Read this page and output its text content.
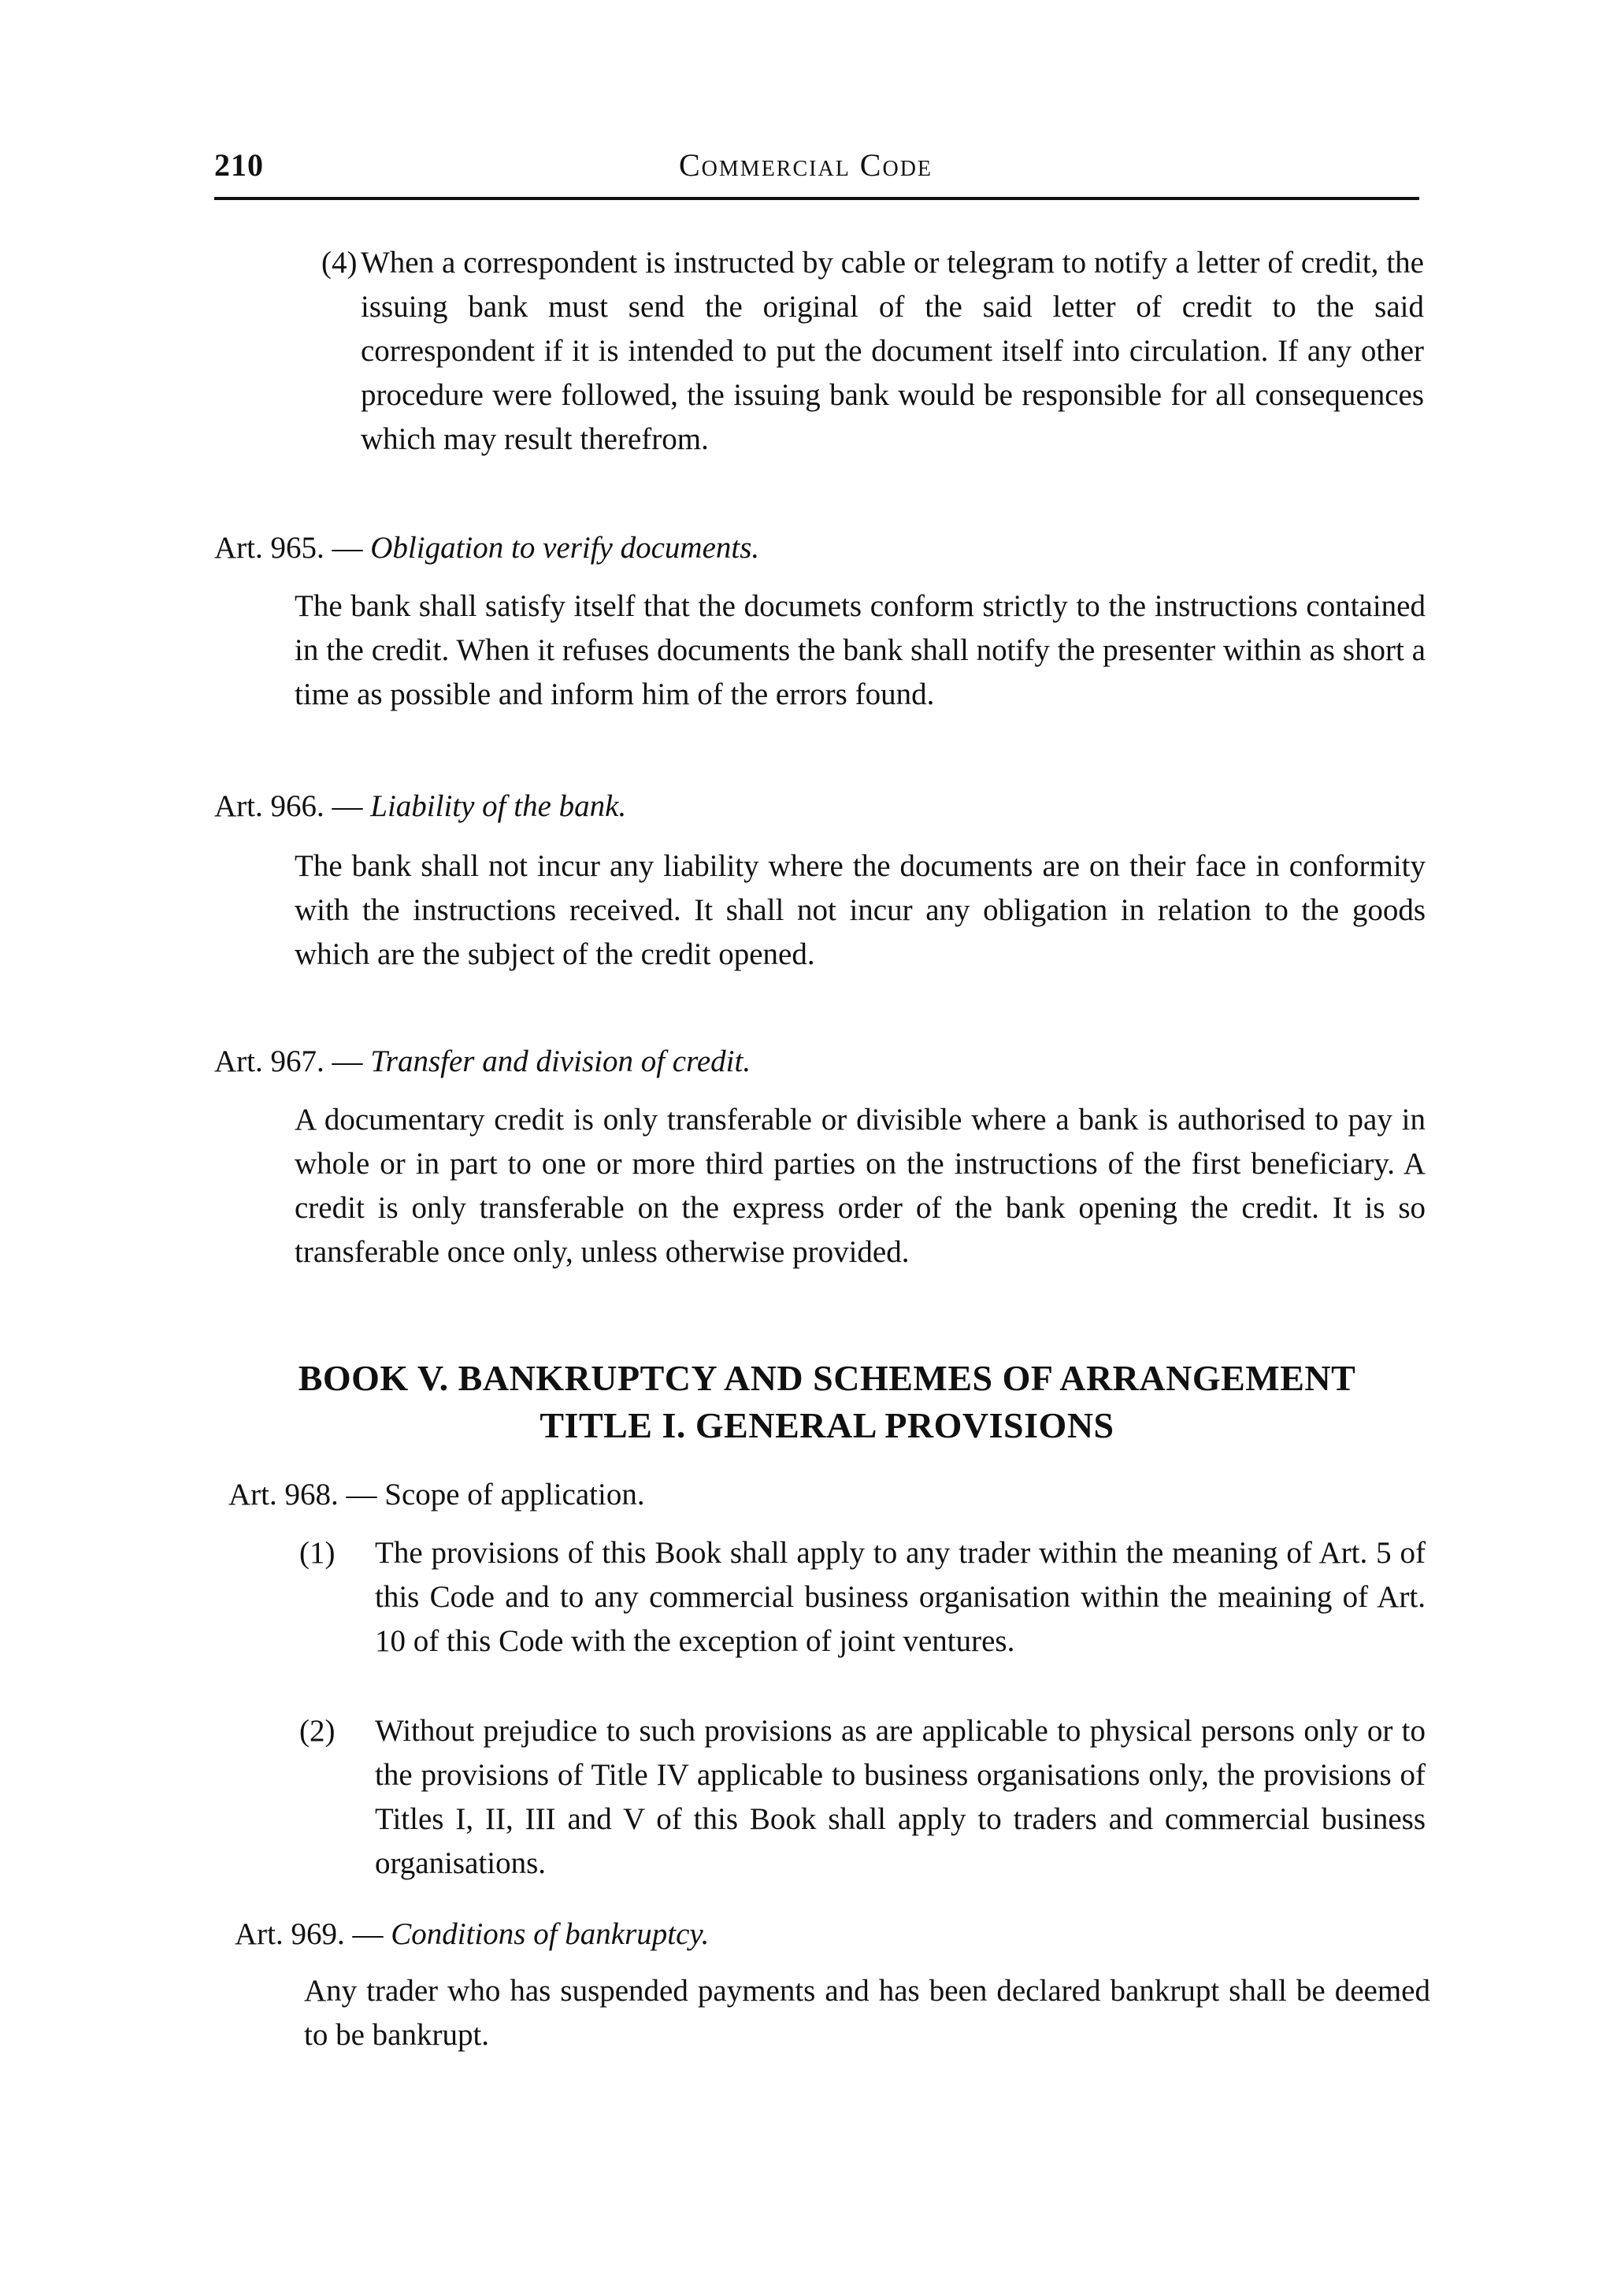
210	Commercial Code
(4) When a correspondent is instructed by cable or telegram to notify a letter of credit, the issuing bank must send the original of the said letter of credit to the said correspondent if it is intended to put the document itself into circulation. If any other procedure were followed, the issuing bank would be responsible for all consequences which may result therefrom.
Art. 965. — Obligation to verify documents.
The bank shall satisfy itself that the documets conform strictly to the instructions contained in the credit. When it refuses documents the bank shall notify the presenter within as short a time as possible and inform him of the errors found.
Art. 966. — Liability of the bank.
The bank shall not incur any liability where the documents are on their face in conformity with the instructions received. It shall not incur any obligation in relation to the goods which are the subject of the credit opened.
Art. 967. — Transfer and division of credit.
A documentary credit is only transferable or divisible where a bank is authorised to pay in whole or in part to one or more third parties on the instructions of the first beneficiary. A credit is only transferable on the express order of the bank opening the credit. It is so transferable once only, unless otherwise provided.
BOOK V. BANKRUPTCY AND SCHEMES OF ARRANGEMENT
TITLE I. GENERAL PROVISIONS
Art. 968. — Scope of application.
(1) The provisions of this Book shall apply to any trader within the meaning of Art. 5 of this Code and to any commercial business organisation within the meaining of Art. 10 of this Code with the exception of joint ventures.
(2) Without prejudice to such provisions as are applicable to physical persons only or to the provisions of Title IV applicable to business organisations only, the provisions of Titles I, II, III and V of this Book shall apply to traders and commercial business organisations.
Art. 969. — Conditions of bankruptcy.
Any trader who has suspended payments and has been declared bankrupt shall be deemed to be bankrupt.
